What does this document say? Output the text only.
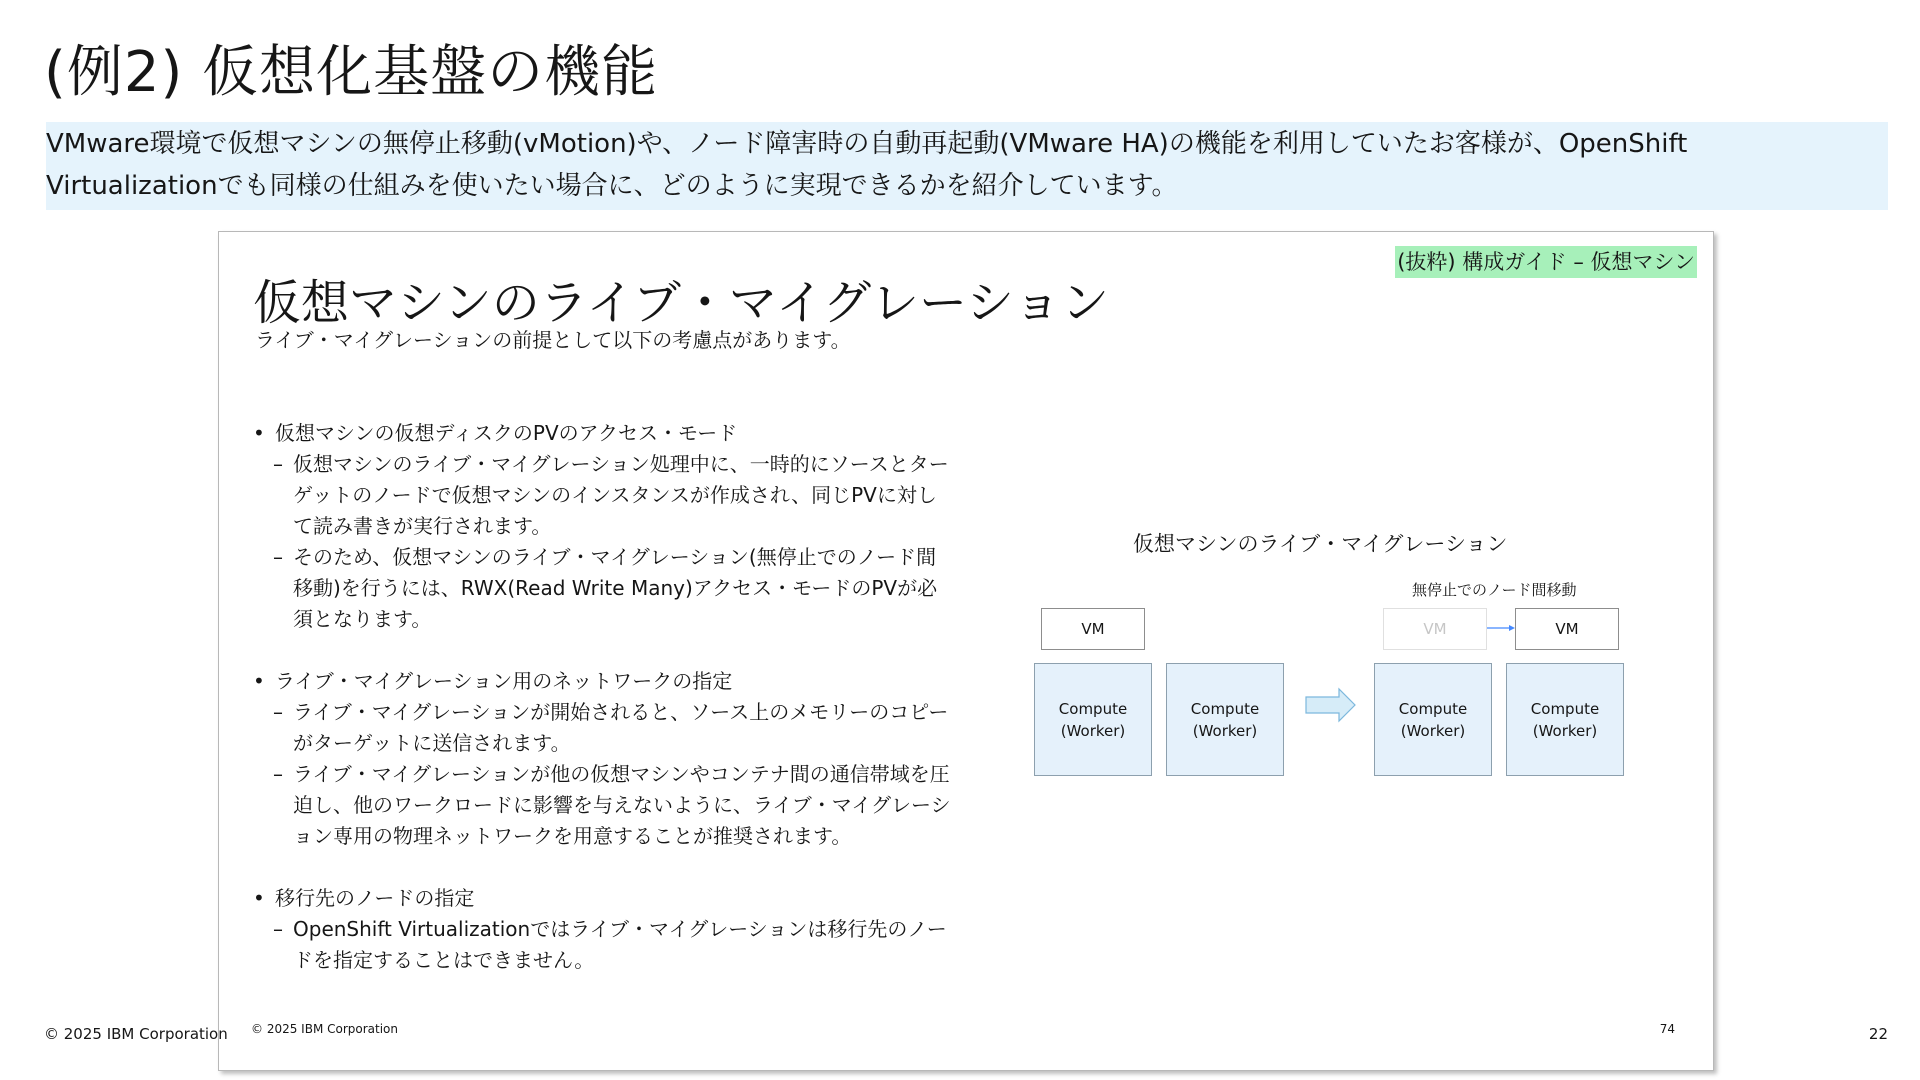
(例2) 仮想化基盤の機能

VMware環境で仮想マシンの無停止移動(vMotion)や、ノード障害時の自動再起動(VMware HA)の機能を利用していたお客様が、OpenShift

Virtualizationでも同様の仕組みを使いたい場合に、どのように実現できるかを紹介しています。

(抜粋) 構成ガイド – 仮想マシン
仮想マシンのライブ・マイグレーション
ライブ・マイグレーションの前提として以下の考慮点があります。
• 仮想マシンの仮想ディスクのPVのアクセス・モード
– 仮想マシンのライブ・マイグレーション処理中に、一時的にソースとターゲットのノードで仮想マシンのインスタンスが作成され、同じPVに対して読み書きが実行されます。
– そのため、仮想マシンのライブ・マイグレーション(無停止でのノード間移動)を行うには、RWX(Read Write Many)アクセス・モードのPVが必須となります。
• ライブ・マイグレーション用のネットワークの指定
– ライブ・マイグレーションが開始されると、ソース上のメモリーのコピーがターゲットに送信されます。
– ライブ・マイグレーションが他の仮想マシンやコンテナ間の通信帯域を圧迫し、他のワークロードに影響を与えないように、ライブ・マイグレーション専用の物理ネットワークを用意することが推奨されます。
• 移行先のノードの指定
– OpenShift Virtualizationではライブ・マイグレーションは移行先のノードを指定することはできません。
仮想マシンのライブ・マイグレーション
無停止でのノード間移動
VM	VM	VM
Compute
(Worker)
Compute
(Worker)
Compute
(Worker)
Compute
(Worker)
© 2025 IBM Corporation	74
© 2025 IBM Corporation	22
